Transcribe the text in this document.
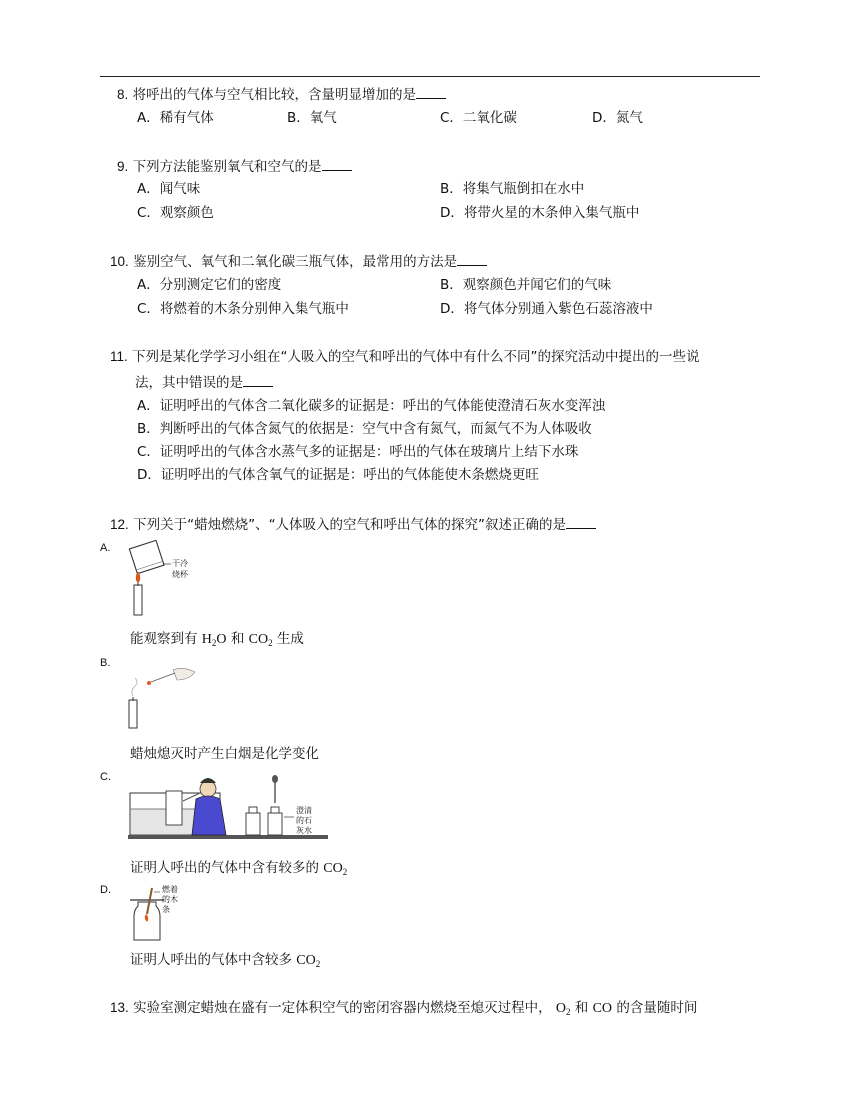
8. 将呼出的气体与空气相比较，含量明显增加的是
A．稀有气体	B．氧气	C．二氧化碳	D．氮气
9. 下列方法能鉴别氧气和空气的是
A．闻气味	B．将集气瓶倒扣在水中
C．观察颜色	D．将带火星的木条伸入集气瓶中
10. 鉴别空气、氧气和二氧化碳三瓶气体，最常用的方法是
A．分别测定它们的密度	B．观察颜色并闻它们的气味
C．将燃着的木条分别伸入集气瓶中	D．将气体分别通入紫色石蕊溶液中
11. 下列是某化学学习小组在“人吸入的空气和呼出的气体中有什么不同”的探究活动中提出的一些说
法，其中错误的是
A．证明呼出的气体含二氧化碳多的证据是：呼出的气体能使澄清石灰水变浑浊
B．判断呼出的气体含氮气的依据是：空气中含有氮气，而氮气不为人体吸收
C．证明呼出的气体含水蒸气多的证据是：呼出的气体在玻璃片上结下水珠
D．证明呼出的气体含氧气的证据是：呼出的气体能使木条燃烧更旺
12. 下列关于“蜡烛燃烧”、“人体吸入的空气和呼出气体的探究”叙述正确的是
A.
干冷
烧杯
能观察到有 $H_2O$ 和 $CO_2$ 生成
B.
蜡烛熄灭时产生白烟是化学变化
C.
澄清
的石
灰水
证明人呼出的气体中含有较多的 $CO_2$
D.	燃着
的木
条
证明人呼出的气体中含较多 $CO_2$
13. 实验室测定蜡烛在盛有一定体积空气的密闭容器内燃烧至熄灭过程中， $O_2$ 和 CO 的含量随时间
